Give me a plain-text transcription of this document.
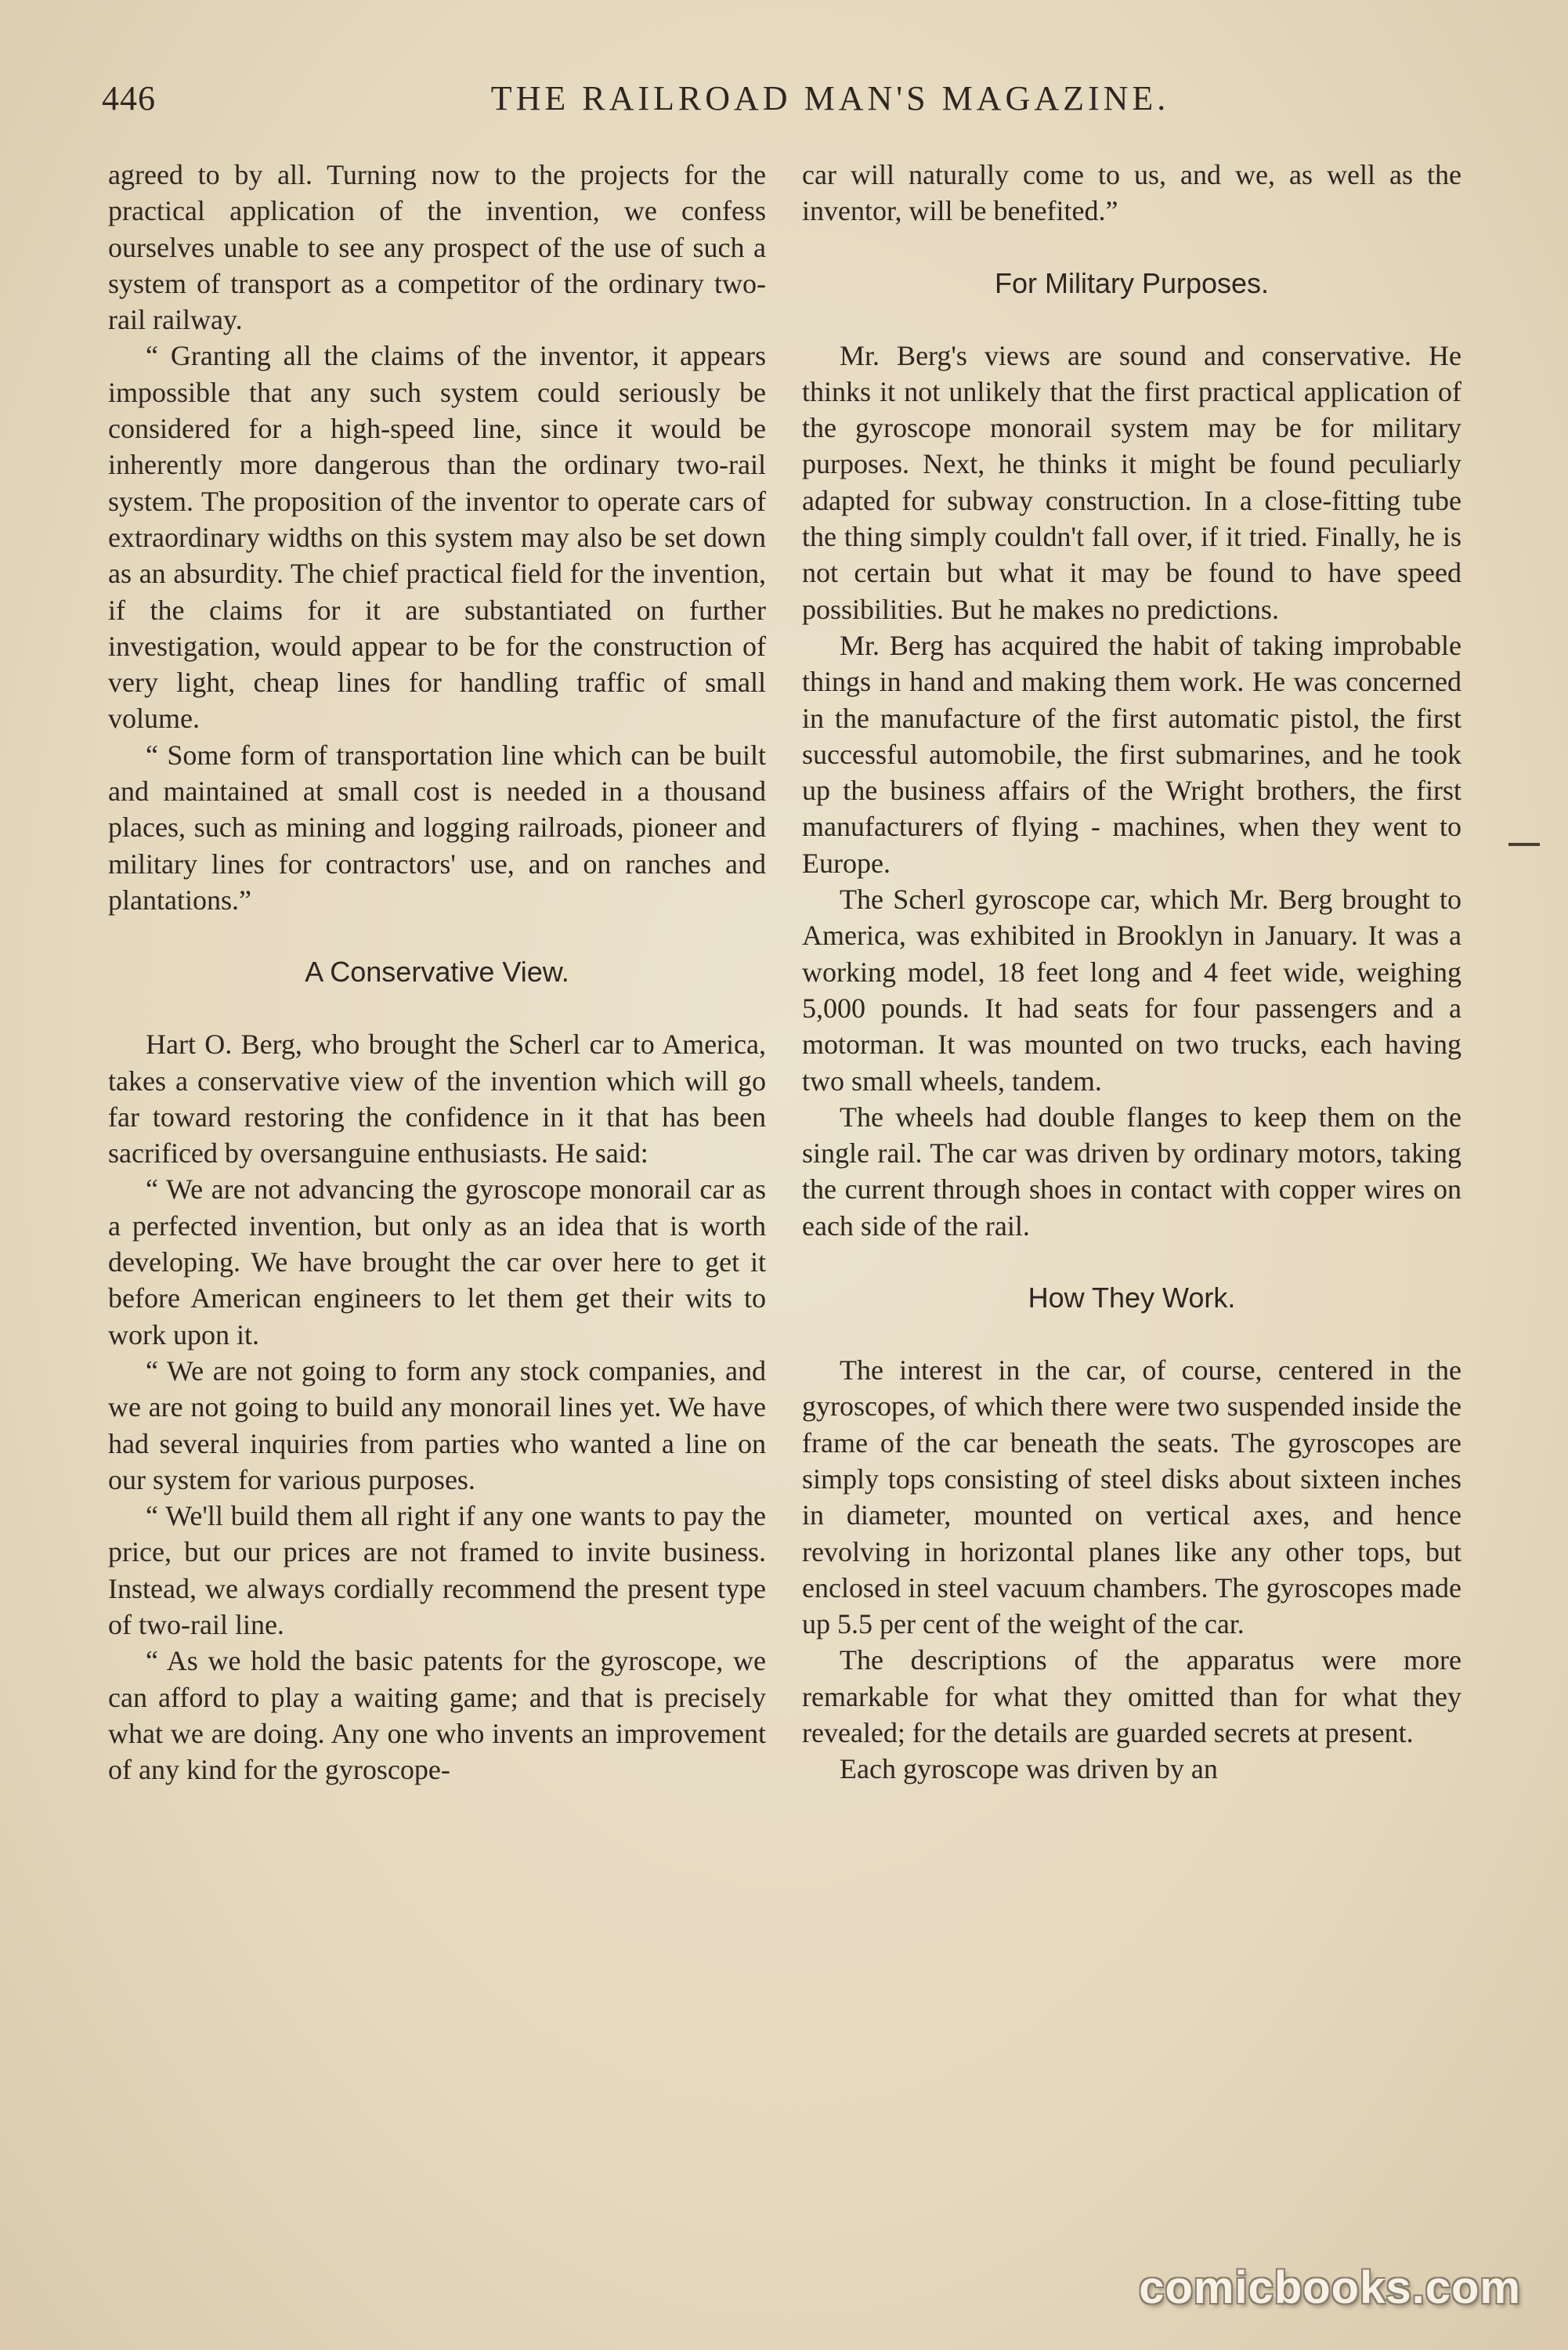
446	THE RAILROAD MAN'S MAGAZINE.

agreed to by all. Turning now to the projects for the practical application of the invention, we confess ourselves unable to see any prospect of the use of such a system of transport as a competitor of the ordinary two-rail railway.

“ Granting all the claims of the inventor, it appears impossible that any such system could seriously be considered for a high-speed line, since it would be inherently more dangerous than the ordinary two-rail system. The proposition of the inventor to operate cars of extraordinary widths on this system may also be set down as an absurdity. The chief practical field for the invention, if the claims for it are substantiated on further investigation, would appear to be for the construction of very light, cheap lines for handling traffic of small volume.

“ Some form of transportation line which can be built and maintained at small cost is needed in a thousand places, such as mining and logging railroads, pioneer and military lines for contractors' use, and on ranches and plantations.”

A Conservative View.

Hart O. Berg, who brought the Scherl car to America, takes a conservative view of the invention which will go far toward restoring the confidence in it that has been sacrificed by oversanguine enthusiasts. He said:

“ We are not advancing the gyroscope monorail car as a perfected invention, but only as an idea that is worth developing. We have brought the car over here to get it before American engineers to let them get their wits to work upon it.

“ We are not going to form any stock companies, and we are not going to build any monorail lines yet. We have had several inquiries from parties who wanted a line on our system for various purposes.

“ We'll build them all right if any one wants to pay the price, but our prices are not framed to invite business. Instead, we always cordially recommend the present type of two-rail line.

“ As we hold the basic patents for the gyroscope, we can afford to play a waiting game; and that is precisely what we are doing. Any one who invents an improvement of any kind for the gyroscope-

car will naturally come to us, and we, as well as the inventor, will be benefited.”

For Military Purposes.

Mr. Berg's views are sound and conservative. He thinks it not unlikely that the first practical application of the gyroscope monorail system may be for military purposes. Next, he thinks it might be found peculiarly adapted for subway construction. In a close-fitting tube the thing simply couldn't fall over, if it tried. Finally, he is not certain but what it may be found to have speed possibilities. But he makes no predictions.

Mr. Berg has acquired the habit of taking improbable things in hand and making them work. He was concerned in the manufacture of the first automatic pistol, the first successful automobile, the first submarines, and he took up the business affairs of the Wright brothers, the first manufacturers of flying - machines, when they went to Europe.

The Scherl gyroscope car, which Mr. Berg brought to America, was exhibited in Brooklyn in January. It was a working model, 18 feet long and 4 feet wide, weighing 5,000 pounds. It had seats for four passengers and a motorman. It was mounted on two trucks, each having two small wheels, tandem.

The wheels had double flanges to keep them on the single rail. The car was driven by ordinary motors, taking the current through shoes in contact with copper wires on each side of the rail.

How They Work.

The interest in the car, of course, centered in the gyroscopes, of which there were two suspended inside the frame of the car beneath the seats. The gyroscopes are simply tops consisting of steel disks about sixteen inches in diameter, mounted on vertical axes, and hence revolving in horizontal planes like any other tops, but enclosed in steel vacuum chambers. The gyroscopes made up 5.5 per cent of the weight of the car.

The descriptions of the apparatus were more remarkable for what they omitted than for what they revealed; for the details are guarded secrets at present.

Each gyroscope was driven by an

comicbooks.com
